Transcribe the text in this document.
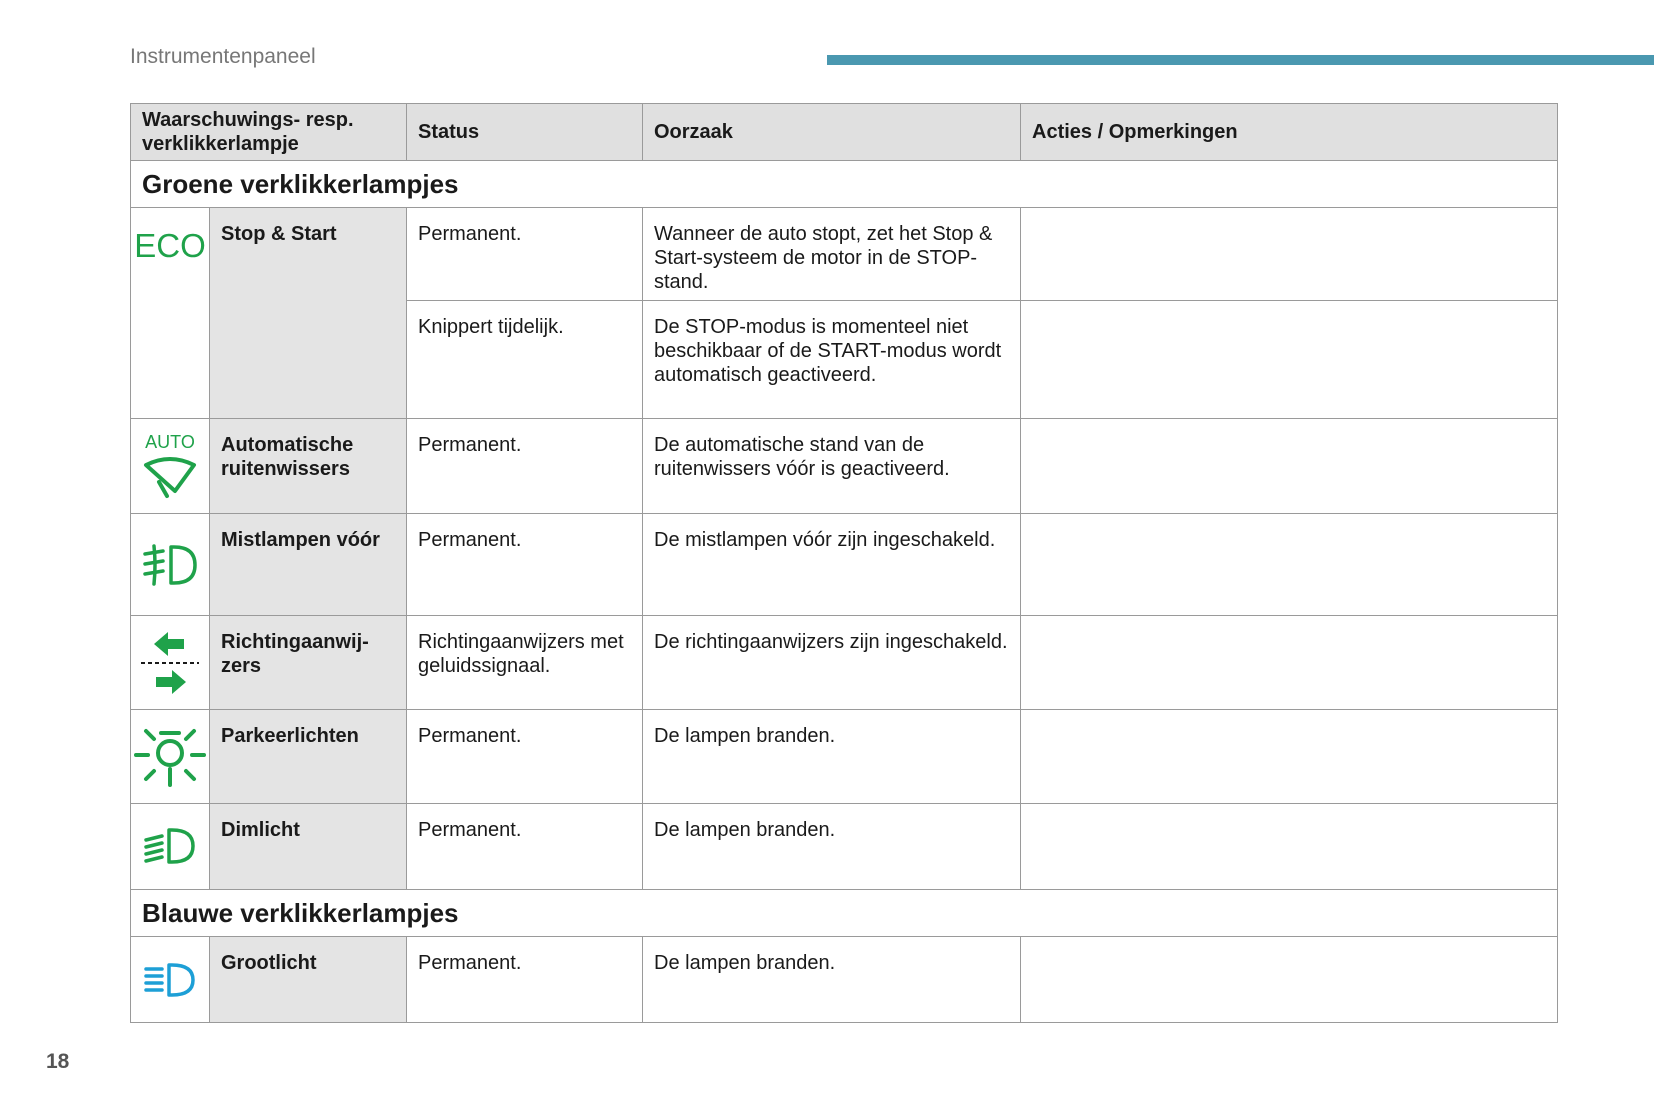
Instrumentenpaneel
Waarschuwings- resp. verklikkerlampje		Status	Oorzaak	Acties / Opmerkingen
Groene verklikkerlampjes				

ECO	Stop & Start	Permanent.	Wanneer de auto stopt, zet het Stop & Start-systeem de motor in de STOP-stand.	
		Knippert tijdelijk.	De STOP-modus is momenteel niet beschikbaar of de START-modus wordt automatisch geactiveerd.	

AUTO	Automatische ruitenwissers	Permanent.	De automatische stand van de ruitenwissers vóór is geactiveerd.	

	Mistlampen vóór	Permanent.	De mistlampen vóór zijn ingeschakeld.	

	Richtingaanwij-zers	Richtingaanwijzers met geluidssignaal.	De richtingaanwijzers zijn ingeschakeld.	

	Parkeerlichten	Permanent.	De lampen branden.	

	Dimlicht	Permanent.	De lampen branden.	
Blauwe verklikkerlampjes				

	Grootlicht	Permanent.	De lampen branden.	
18
